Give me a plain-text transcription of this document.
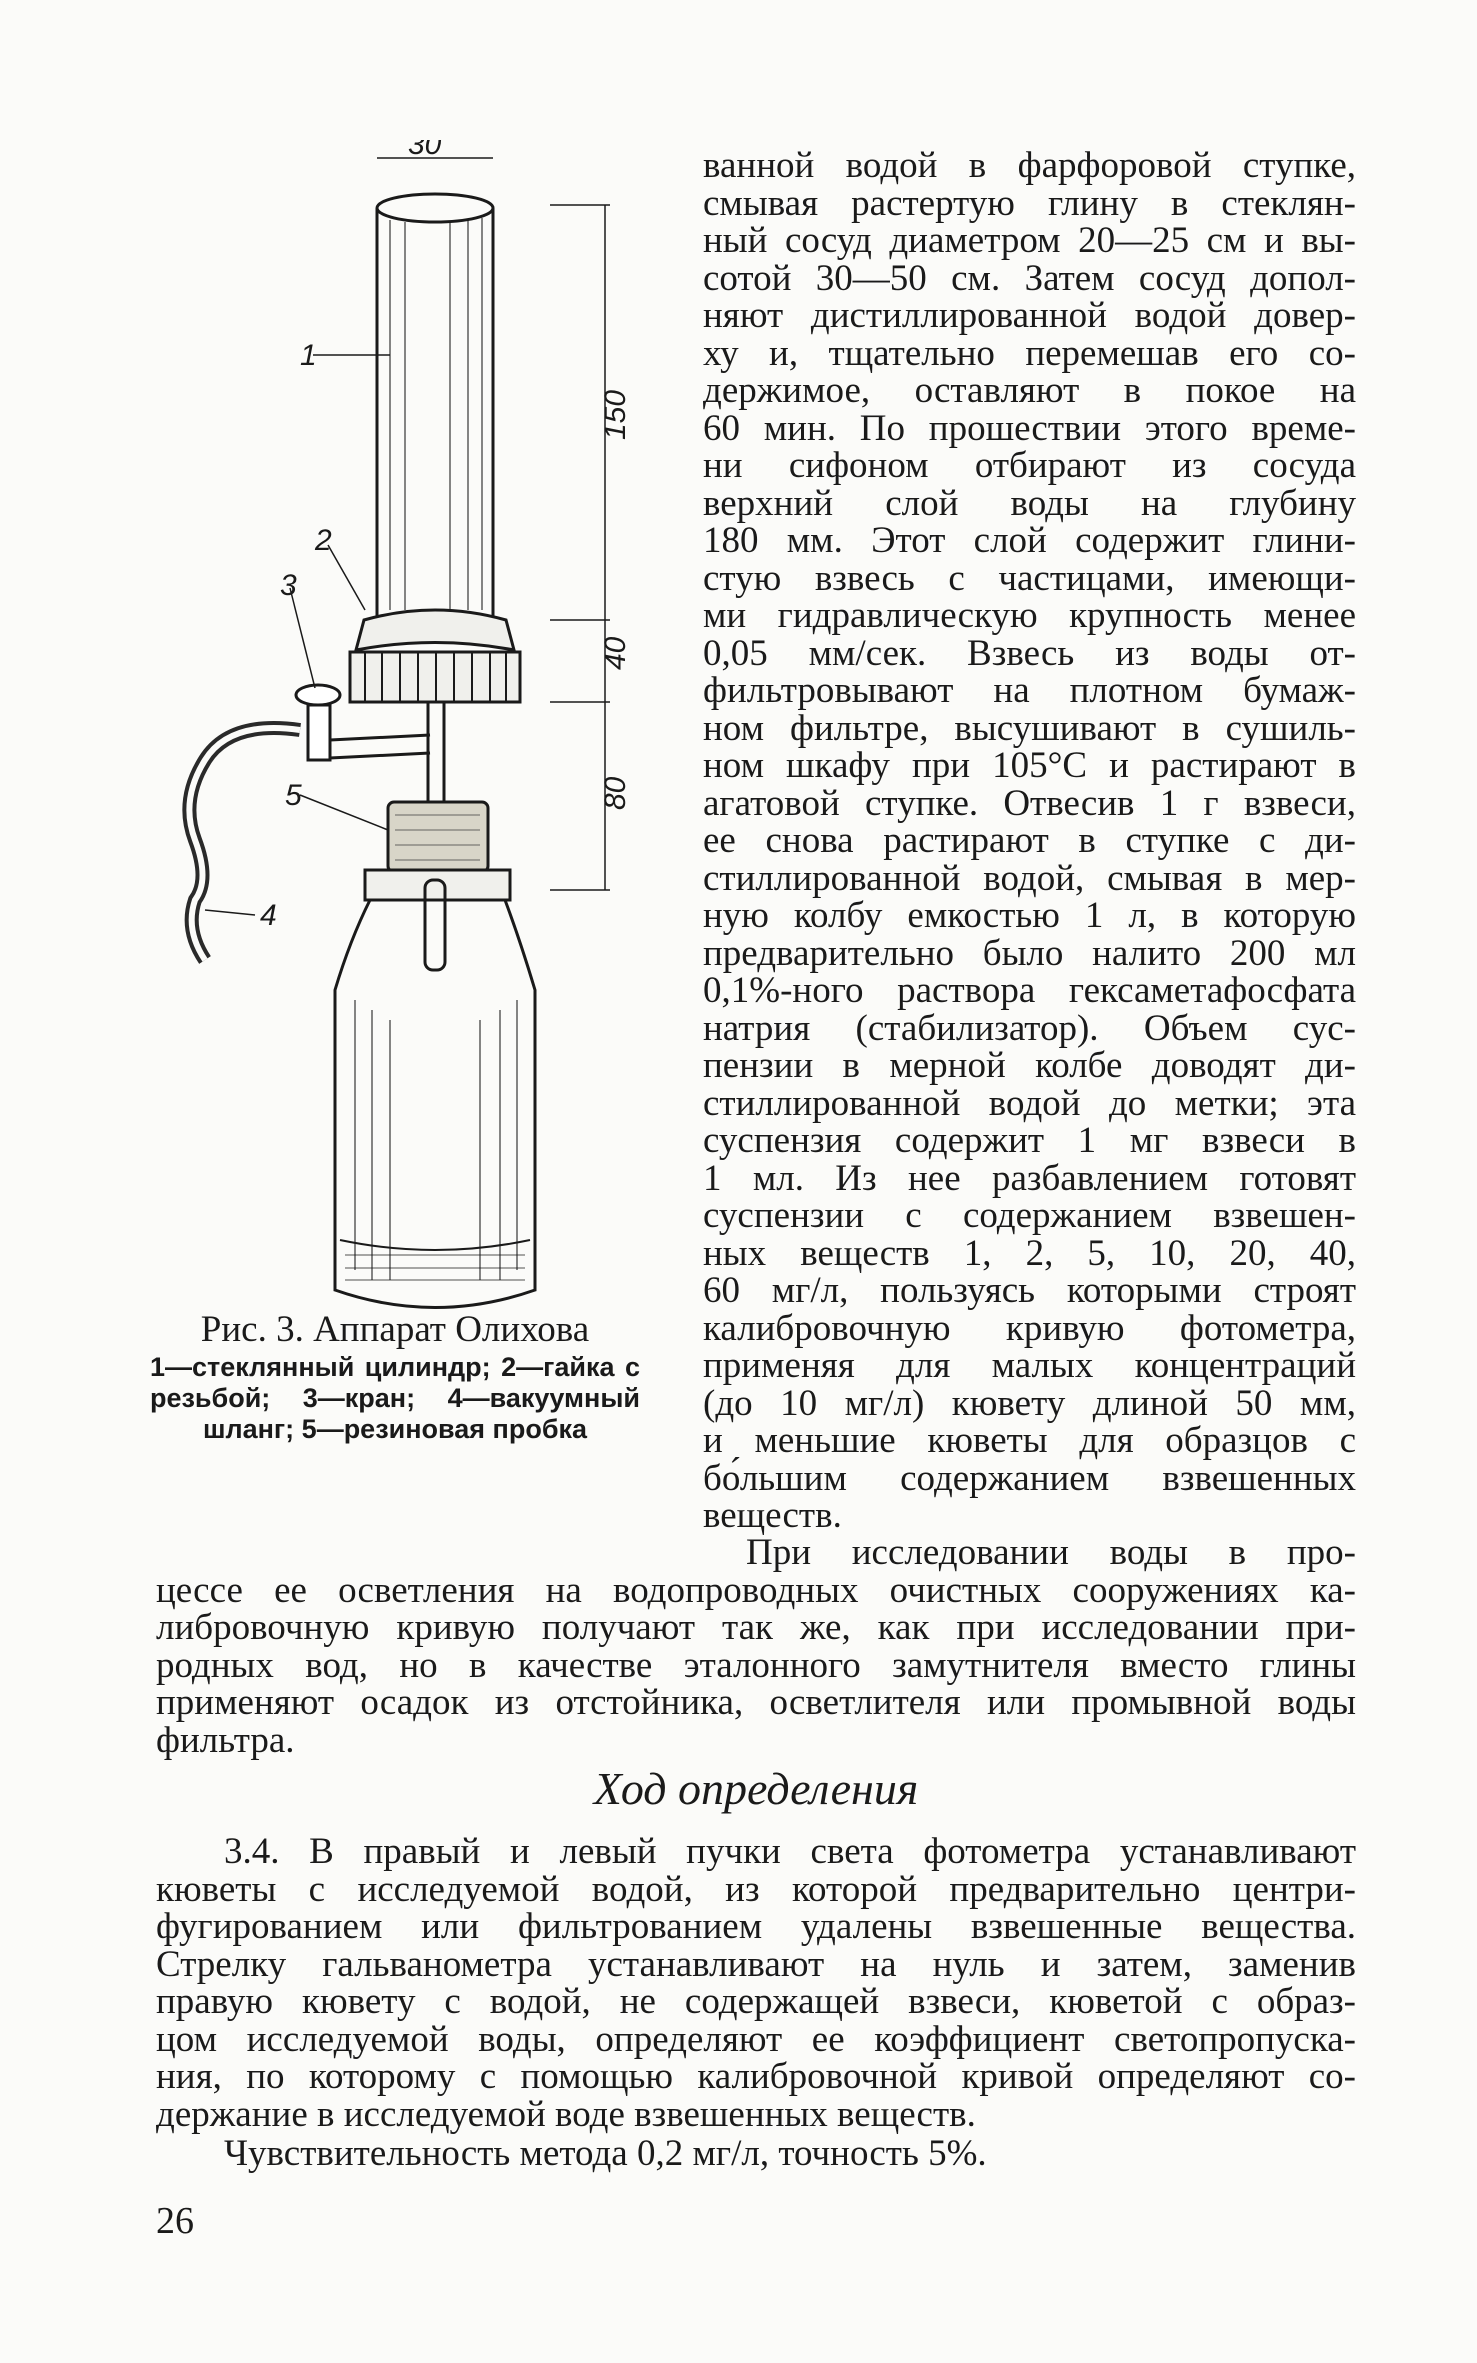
30
150
40
80
1
2
3
4
5
Рис. 3. Аппарат Олихова
1—стеклянный цилиндр; 2—гайка с резьбой; 3—кран; 4—вакуумный шланг; 5—резиновая пробка
ванной водой в фарфоровой ступке,
смывая растертую глину в стеклян-
ный сосуд диаметром 20—25 см и вы-
сотой 30—50 см. Затем сосуд допол-
няют дистиллированной водой довер-
ху и, тщательно перемешав его со-
держимое, оставляют в покое на
60 мин. По прошествии этого време-
ни сифоном отбирают из сосуда
верхний слой воды на глубину
180 мм. Этот слой содержит глини-
стую взвесь с частицами, имеющи-
ми гидравлическую крупность менее
0,05 мм/сек. Взвесь из воды от-
фильтровывают на плотном бумаж-
ном фильтре, высушивают в сушиль-
ном шкафу при 105°С и растирают в
агатовой ступке. Отвесив 1 г взвеси,
ее снова растирают в ступке с ди-
стиллированной водой, смывая в мер-
ную колбу емкостью 1 л, в которую
предварительно было налито 200 мл
0,1%-ного раствора гексаметафосфата
натрия (стабилизатор). Объем сус-
пензии в мерной колбе доводят ди-
стиллированной водой до метки; эта
суспензия содержит 1 мг взвеси в
1 мл. Из нее разбавлением готовят
суспензии с содержанием взвешен-
ных веществ 1, 2, 5, 10, 20, 40,
60 мг/л, пользуясь которыми строят
калибровочную кривую фотометра,
применяя для малых концентраций
(до 10 мг/л) кювету длиной 50 мм,
и меньшие кюветы для образцов с
бо́льшим содержанием взвешенных
веществ.
При исследовании воды в про-
цессе ее осветления на водопроводных очистных сооружениях ка-
либровочную кривую получают так же, как при исследовании при-
родных вод, но в качестве эталонного замутнителя вместо глины
применяют осадок из отстойника, осветлителя или промывной воды
фильтра.
Ход определения
3.4. В правый и левый пучки света фотометра устанавливают
кюветы с исследуемой водой, из которой предварительно центри-
фугированием или фильтрованием удалены взвешенные вещества.
Стрелку гальванометра устанавливают на нуль и затем, заменив
правую кювету с водой, не содержащей взвеси, кюветой с образ-
цом исследуемой воды, определяют ее коэффициент светопропуска-
ния, по которому с помощью калибровочной кривой определяют со-
держание в исследуемой воде взвешенных веществ.
Чувствительность метода 0,2 мг/л, точность 5%.
26
